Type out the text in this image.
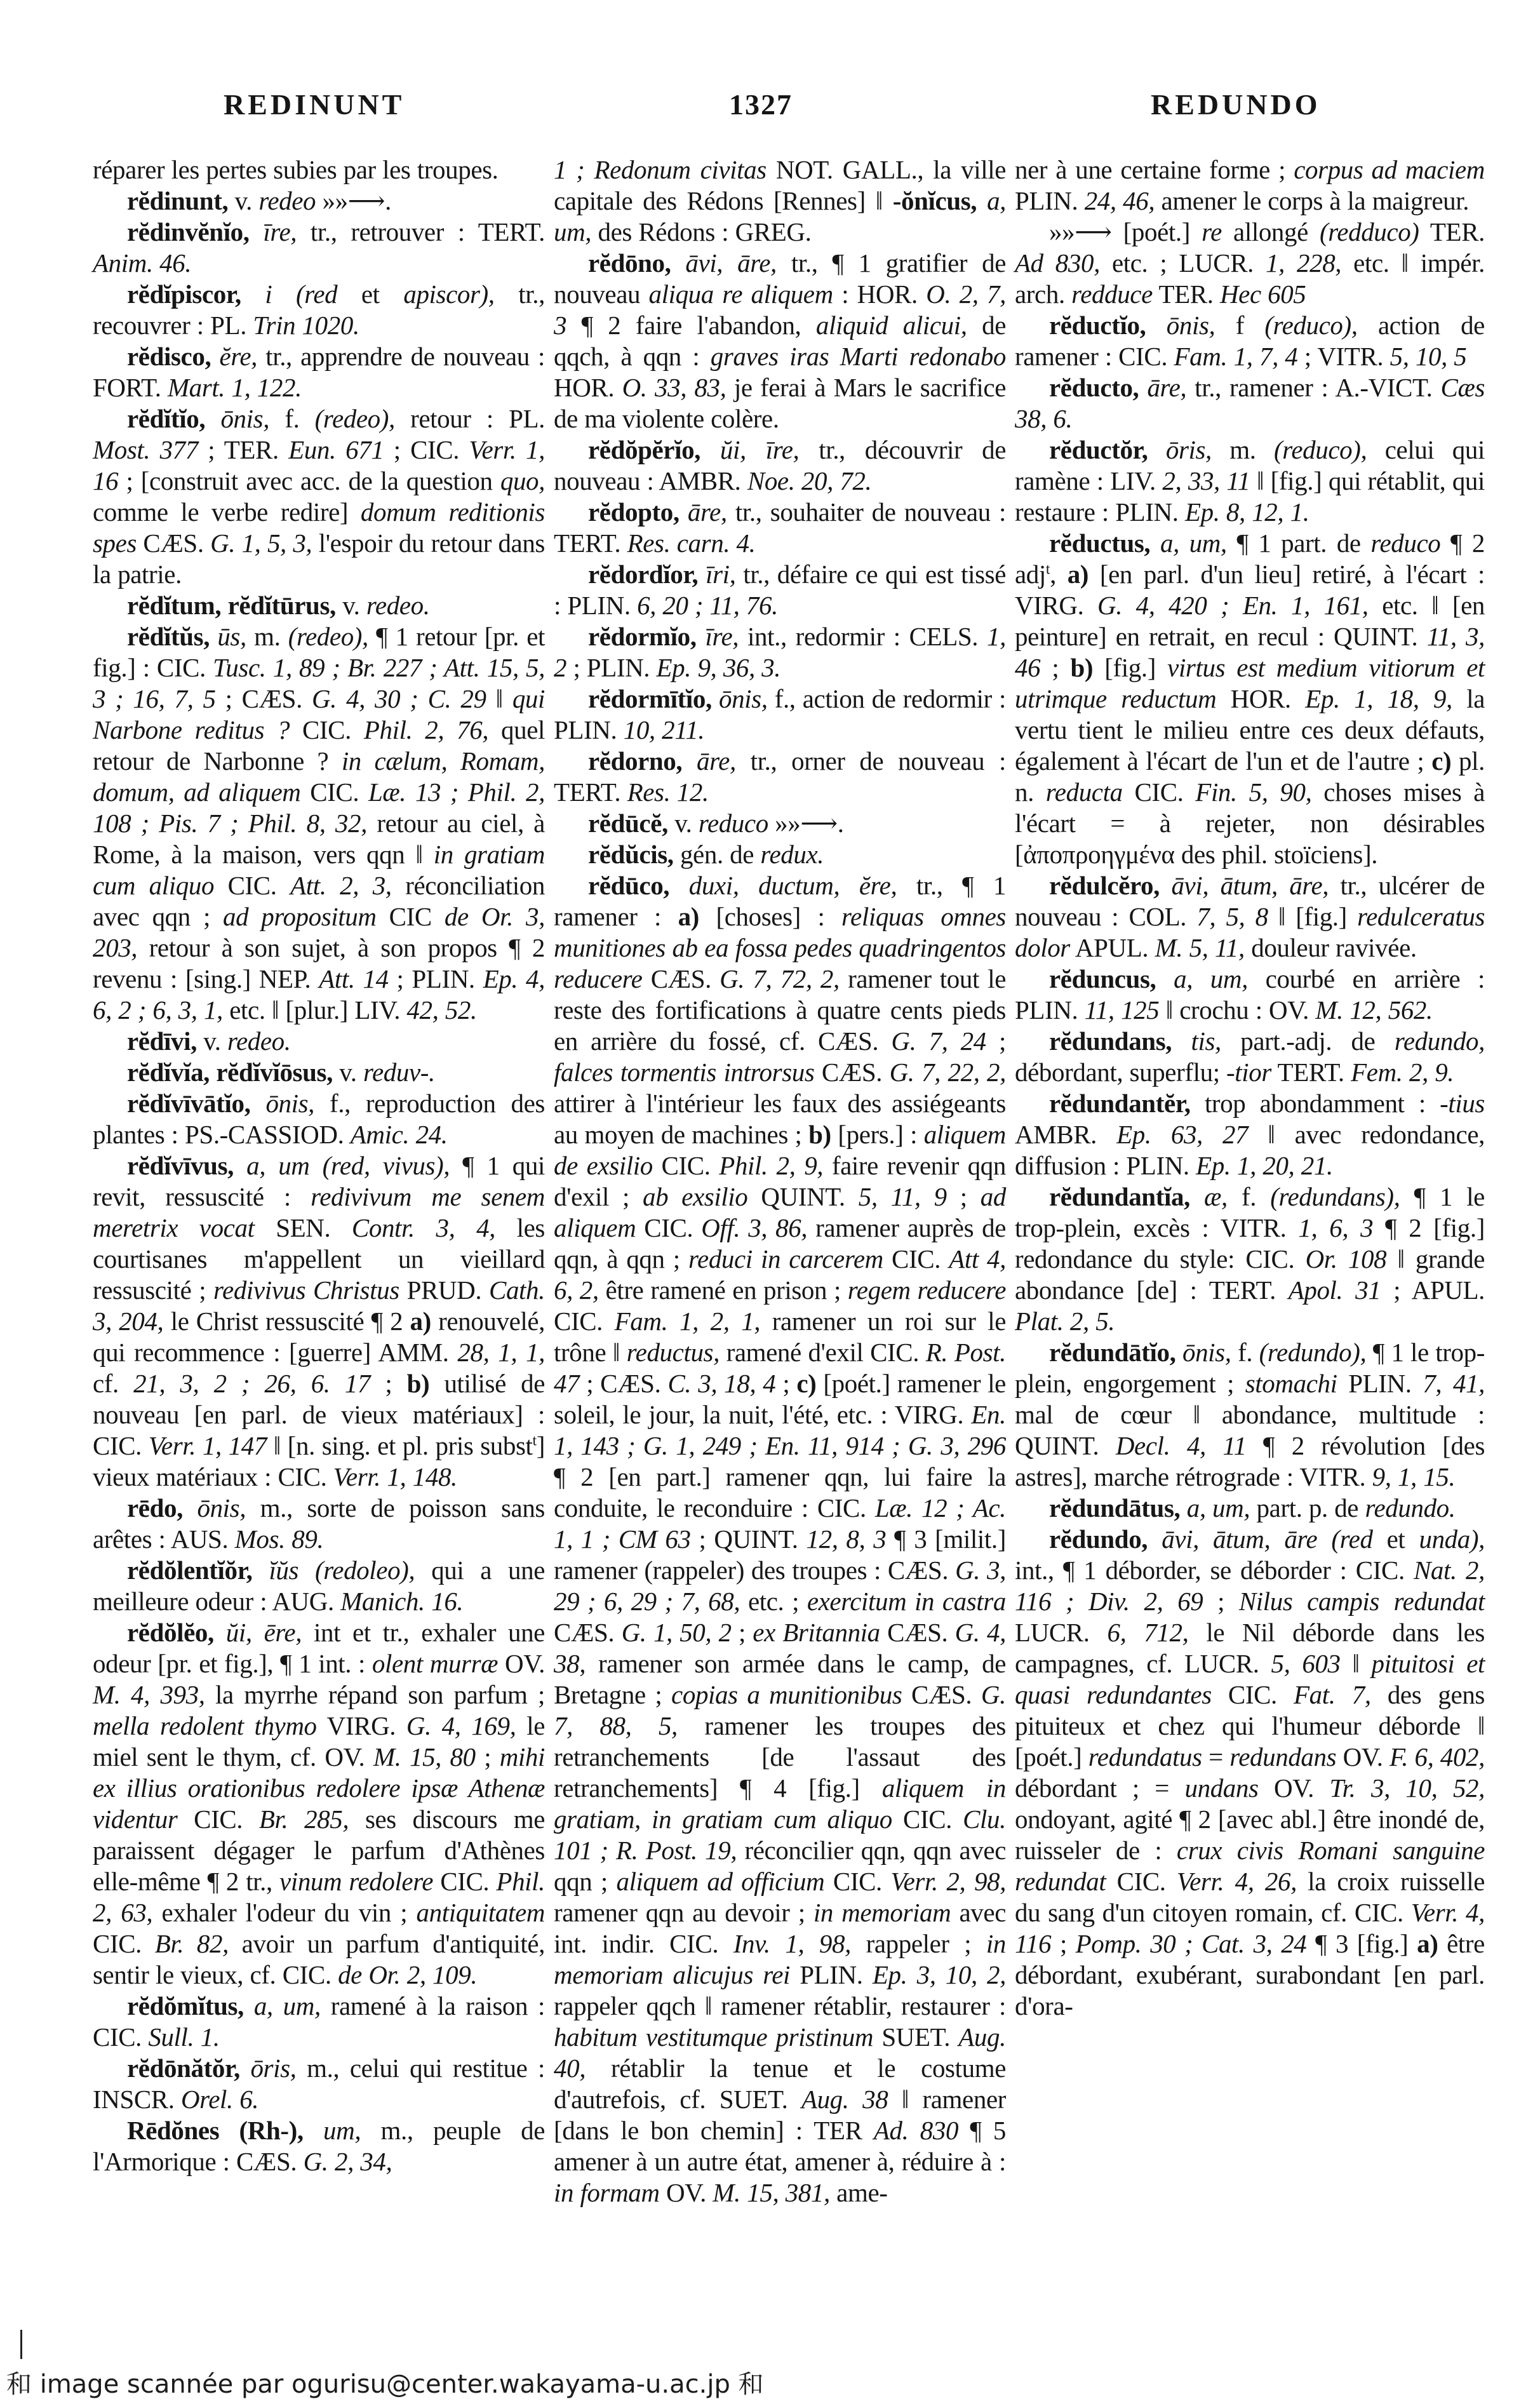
REDINUNT	1327	REDUNDO

réparer les pertes subies par les troupes.

rĕdinunt, v. redeo »»⟶.

rĕdinvĕnĭo, īre, tr., retrouver : TERT. Anim. 46.

rĕdĭpiscor, i (red et apiscor), tr., recouvrer : PL. Trin 1020.

rĕdisco, ĕre, tr., apprendre de nouveau : FORT. Mart. 1, 122.

rĕdĭtĭo, ōnis, f. (redeo), retour : PL. Most. 377 ; TER. Eun. 671 ; CIC. Verr. 1, 16 ; [construit avec acc. de la question quo, comme le verbe redire] domum reditionis spes CÆS. G. 1, 5, 3, l'espoir du retour dans la patrie.

rĕdĭtum, rĕdĭtūrus, v. redeo.

rĕdĭtŭs, ūs, m. (redeo), ¶ 1 retour [pr. et fig.] : CIC. Tusc. 1, 89 ; Br. 227 ; Att. 15, 5, 3 ; 16, 7, 5 ; CÆS. G. 4, 30 ; C. 29 ‖ qui Narbone reditus ? CIC. Phil. 2, 76, quel retour de Narbonne ? in cælum, Romam, domum, ad aliquem CIC. Læ. 13 ; Phil. 2, 108 ; Pis. 7 ; Phil. 8, 32, retour au ciel, à Rome, à la maison, vers qqn ‖ in gratiam cum aliquo CIC. Att. 2, 3, réconciliation avec qqn ; ad propositum CIC de Or. 3, 203, retour à son sujet, à son propos ¶ 2 revenu : [sing.] NEP. Att. 14 ; PLIN. Ep. 4, 6, 2 ; 6, 3, 1, etc. ‖ [plur.] LIV. 42, 52.

rĕdīvi, v. redeo.

rĕdĭvĭa, rĕdĭvĭōsus, v. reduv-.

rĕdĭvīvātĭo, ōnis, f., reproduction des plantes : PS.-CASSIOD. Amic. 24.

rĕdĭvīvus, a, um (red, vivus), ¶ 1 qui revit, ressuscité : redivivum me senem meretrix vocat SEN. Contr. 3, 4, les courtisanes m'appellent un vieillard ressuscité ; redivivus Christus PRUD. Cath. 3, 204, le Christ ressuscité ¶ 2 a) renouvelé, qui recommence : [guerre] AMM. 28, 1, 1, cf. 21, 3, 2 ; 26, 6. 17 ; b) utilisé de nouveau [en parl. de vieux matériaux] : CIC. Verr. 1, 147 ‖ [n. sing. et pl. pris subst$^t$] vieux matériaux : CIC. Verr. 1, 148.

rēdo, ōnis, m., sorte de poisson sans arêtes : AUS. Mos. 89.

rĕdŏlentĭŏr, ĭŭs (redoleo), qui a une meilleure odeur : AUG. Manich. 16.

rĕdŏlĕo, ŭi, ēre, int et tr., exhaler une odeur [pr. et fig.], ¶ 1 int. : olent murræ OV. M. 4, 393, la myrrhe répand son parfum ; mella redolent thymo VIRG. G. 4, 169, le miel sent le thym, cf. OV. M. 15, 80 ; mihi ex illius orationibus redolere ipsæ Athenæ videntur CIC. Br. 285, ses discours me paraissent dégager le parfum d'Athènes elle-même ¶ 2 tr., vinum redolere CIC. Phil. 2, 63, exhaler l'odeur du vin ; antiquitatem CIC. Br. 82, avoir un parfum d'antiquité, sentir le vieux, cf. CIC. de Or. 2, 109.

rĕdŏmĭtus, a, um, ramené à la raison : CIC. Sull. 1.

rĕdōnătŏr, ōris, m., celui qui restitue : INSCR. Orel. 6.

Rēdŏnes (Rh-), um, m., peuple de l'Armorique : CÆS. G. 2, 34,

1 ; Redonum civitas NOT. GALL., la ville capitale des Rédons [Rennes] ‖ -ŏnĭcus, a, um, des Rédons : GREG.

rĕdōno, āvi, āre, tr., ¶ 1 gratifier de nouveau aliqua re aliquem : HOR. O. 2, 7, 3 ¶ 2 faire l'abandon, aliquid alicui, de qqch, à qqn : graves iras Marti redonabo HOR. O. 33, 83, je ferai à Mars le sacrifice de ma violente colère.

rĕdŏpĕrĭo, ŭi, īre, tr., découvrir de nouveau : AMBR. Noe. 20, 72.

rĕdopto, āre, tr., souhaiter de nouveau : TERT. Res. carn. 4.

rĕdordĭor, īri, tr., défaire ce qui est tissé : PLIN. 6, 20 ; 11, 76.

rĕdormĭo, īre, int., redormir : CELS. 1, 2 ; PLIN. Ep. 9, 36, 3.

rĕdormītĭo, ōnis, f., action de redormir : PLIN. 10, 211.

rĕdorno, āre, tr., orner de nouveau : TERT. Res. 12.

rĕdūcĕ, v. reduco »»⟶.

rĕdŭcis, gén. de redux.

rĕdūco, duxi, ductum, ĕre, tr., ¶ 1 ramener : a) [choses] : reliquas omnes munitiones ab ea fossa pedes quadringentos reducere CÆS. G. 7, 72, 2, ramener tout le reste des fortifications à quatre cents pieds en arrière du fossé, cf. CÆS. G. 7, 24 ; falces tormentis introrsus CÆS. G. 7, 22, 2, attirer à l'intérieur les faux des assiégeants au moyen de machines ; b) [pers.] : aliquem de exsilio CIC. Phil. 2, 9, faire revenir qqn d'exil ; ab exsilio QUINT. 5, 11, 9 ; ad aliquem CIC. Off. 3, 86, ramener auprès de qqn, à qqn ; reduci in carcerem CIC. Att 4, 6, 2, être ramené en prison ; regem reducere CIC. Fam. 1, 2, 1, ramener un roi sur le trône ‖ reductus, ramené d'exil CIC. R. Post. 47 ; CÆS. C. 3, 18, 4 ; c) [poét.] ramener le soleil, le jour, la nuit, l'été, etc. : VIRG. En. 1, 143 ; G. 1, 249 ; En. 11, 914 ; G. 3, 296 ¶ 2 [en part.] ramener qqn, lui faire la conduite, le reconduire : CIC. Læ. 12 ; Ac. 1, 1 ; CM 63 ; QUINT. 12, 8, 3 ¶ 3 [milit.] ramener (rappeler) des troupes : CÆS. G. 3, 29 ; 6, 29 ; 7, 68, etc. ; exercitum in castra CÆS. G. 1, 50, 2 ; ex Britannia CÆS. G. 4, 38, ramener son armée dans le camp, de Bretagne ; copias a munitionibus CÆS. G. 7, 88, 5, ramener les troupes des retranchements [de l'assaut des retranchements] ¶ 4 [fig.] aliquem in gratiam, in gratiam cum aliquo CIC. Clu. 101 ; R. Post. 19, réconcilier qqn, qqn avec qqn ; aliquem ad officium CIC. Verr. 2, 98, ramener qqn au devoir ; in memoriam avec int. indir. CIC. Inv. 1, 98, rappeler ; in memoriam alicujus rei PLIN. Ep. 3, 10, 2, rappeler qqch ‖ ramener rétablir, restaurer : habitum vestitumque pristinum SUET. Aug. 40, rétablir la tenue et le costume d'autrefois, cf. SUET. Aug. 38 ‖ ramener [dans le bon chemin] : TER Ad. 830 ¶ 5 amener à un autre état, amener à, réduire à : in formam OV. M. 15, 381, ame-

ner à une certaine forme ; corpus ad maciem PLIN. 24, 46, amener le corps à la maigreur.

»»⟶ [poét.] re allongé (redduco) TER. Ad 830, etc. ; LUCR. 1, 228, etc. ‖ impér. arch. redduce TER. Hec 605

rĕductĭo, ōnis, f (reduco), action de ramener : CIC. Fam. 1, 7, 4 ; VITR. 5, 10, 5

rĕducto, āre, tr., ramener : A.-VICT. Cæs 38, 6.

rĕductŏr, ōris, m. (reduco), celui qui ramène : LIV. 2, 33, 11 ‖ [fig.] qui rétablit, qui restaure : PLIN. Ep. 8, 12, 1.

rĕductus, a, um, ¶ 1 part. de reduco ¶ 2 adj$^t$, a) [en parl. d'un lieu] retiré, à l'écart : VIRG. G. 4, 420 ; En. 1, 161, etc. ‖ [en peinture] en retrait, en recul : QUINT. 11, 3, 46 ; b) [fig.] virtus est medium vitiorum et utrimque reductum HOR. Ep. 1, 18, 9, la vertu tient le milieu entre ces deux défauts, également à l'écart de l'un et de l'autre ; c) pl. n. reducta CIC. Fin. 5, 90, choses mises à l'écart = à rejeter, non désirables [ἀποπροηγμένα des phil. stoïciens].

rĕdulcĕro, āvi, ātum, āre, tr., ulcérer de nouveau : COL. 7, 5, 8 ‖ [fig.] redulceratus dolor APUL. M. 5, 11, douleur ravivée.

rĕduncus, a, um, courbé en arrière : PLIN. 11, 125 ‖ crochu : OV. M. 12, 562.

rĕdundans, tis, part.-adj. de redundo, débordant, superflu; -tior TERT. Fem. 2, 9.

rĕdundantĕr, trop abondamment : -tius AMBR. Ep. 63, 27 ‖ avec redondance, diffusion : PLIN. Ep. 1, 20, 21.

rĕdundantĭa, æ, f. (redundans), ¶ 1 le trop-plein, excès : VITR. 1, 6, 3 ¶ 2 [fig.] redondance du style: CIC. Or. 108 ‖ grande abondance [de] : TERT. Apol. 31 ; APUL. Plat. 2, 5.

rĕdundātĭo, ōnis, f. (redundo), ¶ 1 le trop-plein, engorgement ; stomachi PLIN. 7, 41, mal de cœur ‖ abondance, multitude : QUINT. Decl. 4, 11 ¶ 2 révolution [des astres], marche rétrograde : VITR. 9, 1, 15.

rĕdundātus, a, um, part. p. de redundo.

rĕdundo, āvi, ātum, āre (red et unda), int., ¶ 1 déborder, se déborder : CIC. Nat. 2, 116 ; Div. 2, 69 ; Nilus campis redundat LUCR. 6, 712, le Nil déborde dans les campagnes, cf. LUCR. 5, 603 ‖ pituitosi et quasi redundantes CIC. Fat. 7, des gens pituiteux et chez qui l'humeur déborde ‖ [poét.] redundatus = redundans OV. F. 6, 402, débordant ; = undans OV. Tr. 3, 10, 52, ondoyant, agité ¶ 2 [avec abl.] être inondé de, ruisseler de : crux civis Romani sanguine redundat CIC. Verr. 4, 26, la croix ruisselle du sang d'un citoyen romain, cf. CIC. Verr. 4, 116 ; Pomp. 30 ; Cat. 3, 24 ¶ 3 [fig.] a) être débordant, exubérant, surabondant [en parl. d'ora-

和 image scannée par ogurisu@center.wakayama-u.ac.jp 和
